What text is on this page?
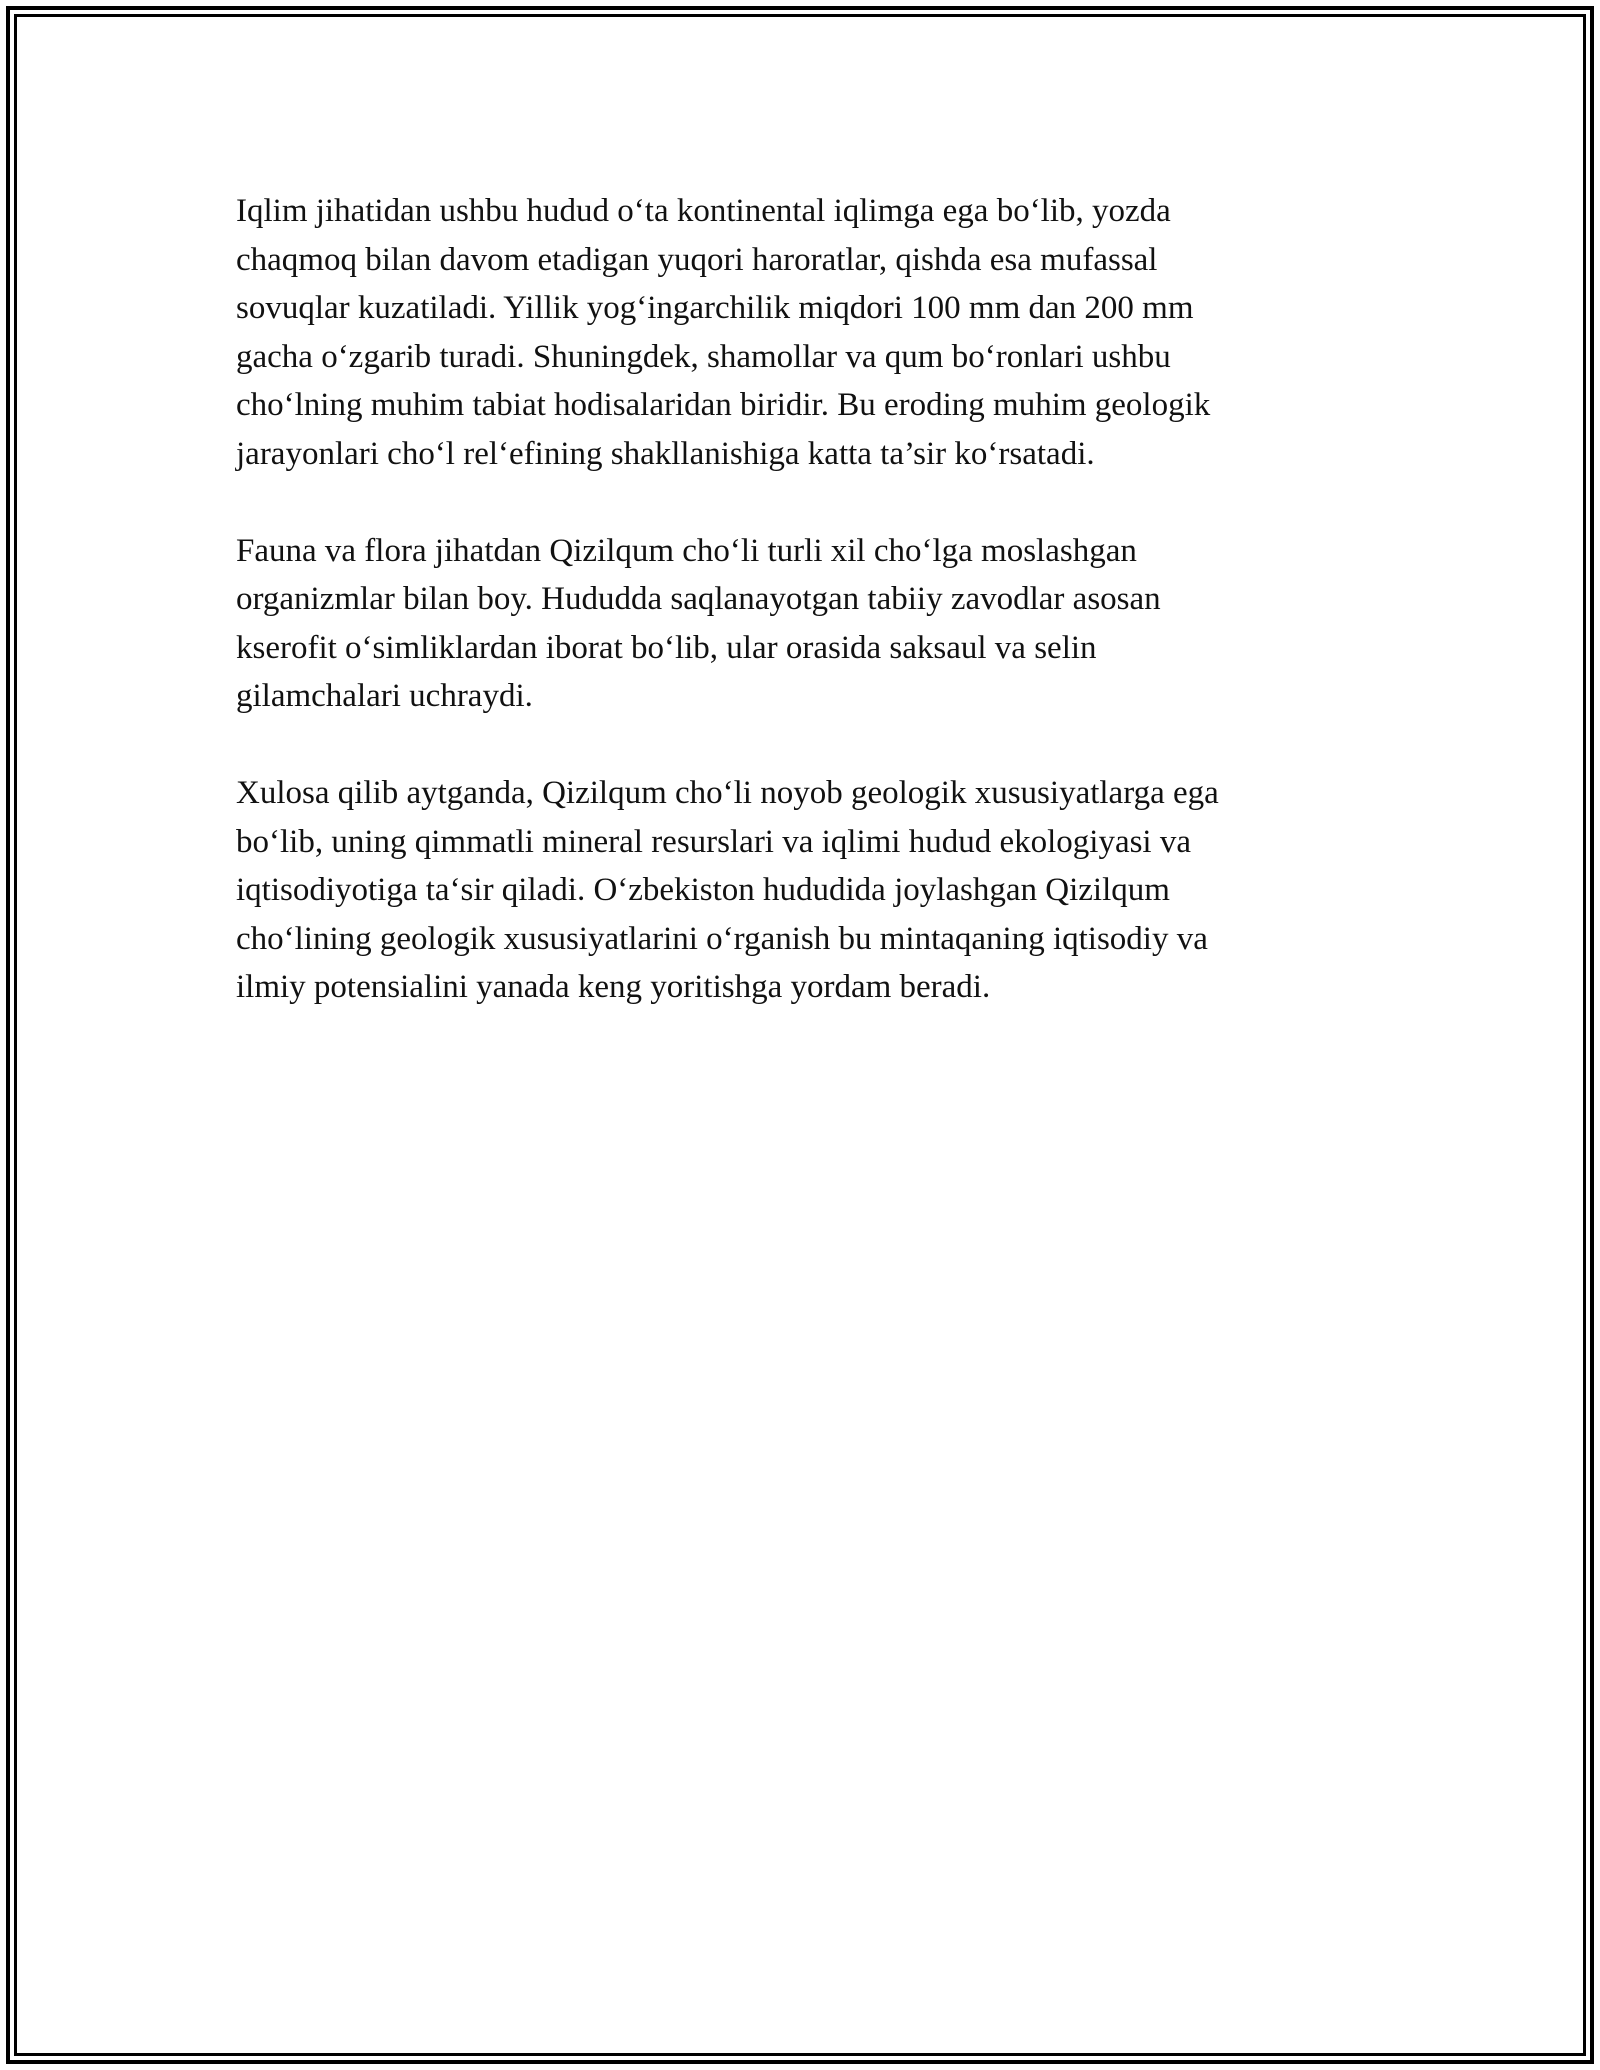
Iqlim jihatidan ushbu hudud o‘ta kontinental iqlimga ega bo‘lib, yozda
chaqmoq bilan davom etadigan yuqori haroratlar, qishda esa mufassal
sovuqlar kuzatiladi. Yillik yog‘ingarchilik miqdori 100 mm dan 200 mm
gacha o‘zgarib turadi. Shuningdek, shamollar va qum bo‘ronlari ushbu
cho‘lning muhim tabiat hodisalaridan biridir. Bu eroding muhim geologik
jarayonlari cho‘l rel‘efining shakllanishiga katta ta’sir ko‘rsatadi.

Fauna va flora jihatdan Qizilqum cho‘li turli xil cho‘lga moslashgan
organizmlar bilan boy. Hududda saqlanayotgan tabiiy zavodlar asosan
kserofit o‘simliklardan iborat bo‘lib, ular orasida saksaul va selin
gilamchalari uchraydi.

Xulosa qilib aytganda, Qizilqum cho‘li noyob geologik xususiyatlarga ega
bo‘lib, uning qimmatli mineral resurslari va iqlimi hudud ekologiyasi va
iqtisodiyotiga ta‘sir qiladi. O‘zbekiston hududida joylashgan Qizilqum
cho‘lining geologik xususiyatlarini o‘rganish bu mintaqaning iqtisodiy va
ilmiy potensialini yanada keng yoritishga yordam beradi.
